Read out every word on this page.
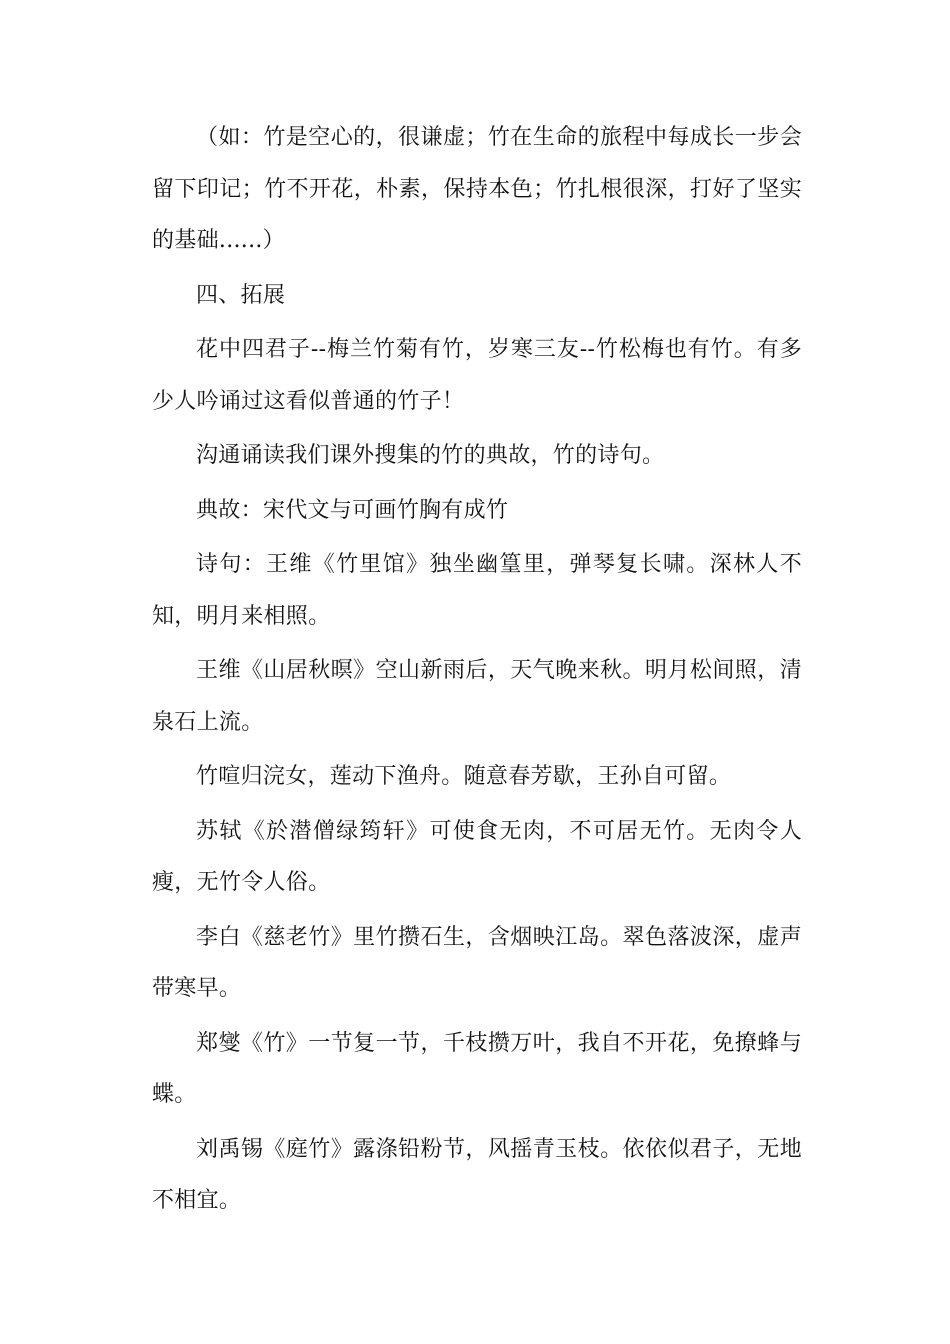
（如：竹是空心的，很谦虚；竹在生命的旅程中每成长一步会留下印记；竹不开花，朴素，保持本色；竹扎根很深，打好了坚实的基础......）

四、拓展

花中四君子--梅兰竹菊有竹，岁寒三友--竹松梅也有竹。有多少人吟诵过这看似普通的竹子！

沟通诵读我们课外搜集的竹的典故，竹的诗句。

典故：宋代文与可画竹胸有成竹

诗句：王维《竹里馆》独坐幽篁里，弹琴复长啸。深林人不知，明月来相照。

王维《山居秋暝》空山新雨后，天气晚来秋。明月松间照，清泉石上流。

竹喧归浣女，莲动下渔舟。随意春芳歇，王孙自可留。

苏轼《於潜僧绿筠轩》可使食无肉，不可居无竹。无肉令人瘦，无竹令人俗。

李白《慈老竹》里竹攒石生，含烟映江岛。翠色落波深，虚声带寒早。

郑燮《竹》一节复一节，千枝攒万叶，我自不开花，免撩蜂与蝶。

刘禹锡《庭竹》露涤铅粉节，风摇青玉枝。依依似君子，无地不相宜。
